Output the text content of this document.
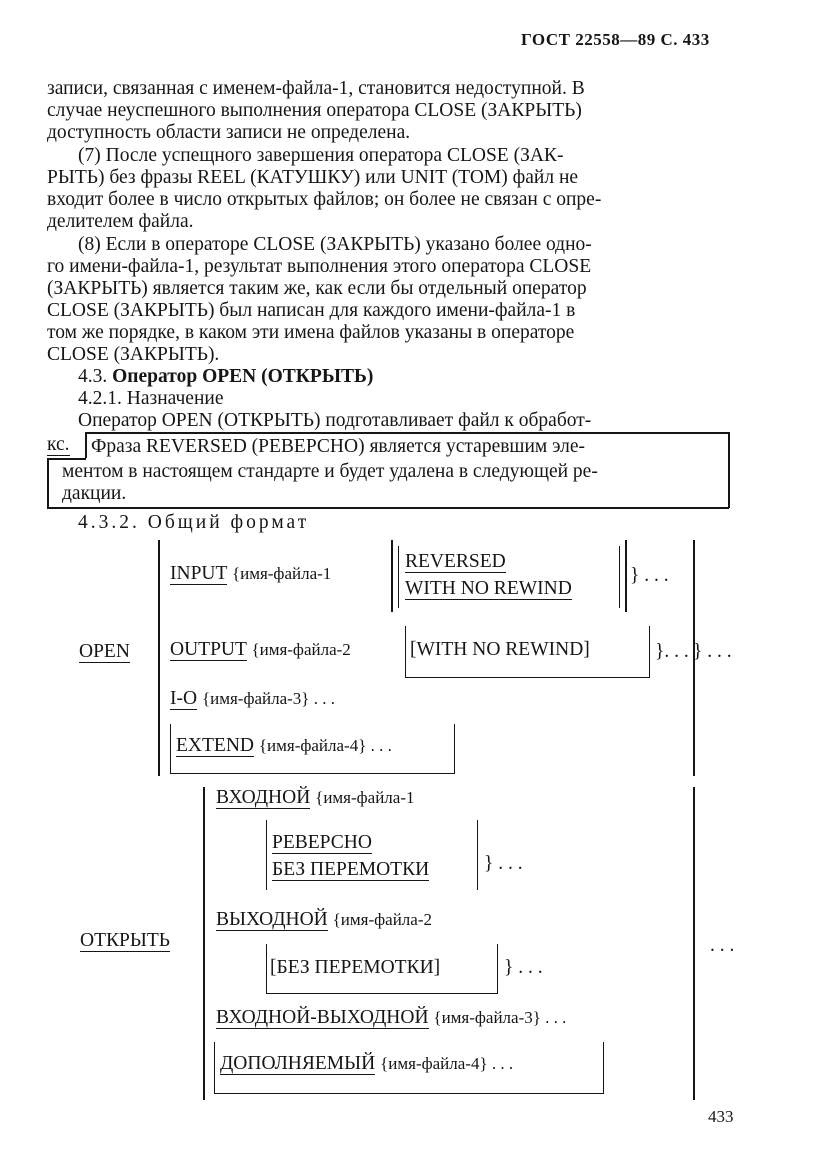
ГОСТ 22558—89 С. 433
записи, связанная с именем-файла-1, становится недоступной. В
случае неуспешного выполнения оператора CLOSE (ЗАКРЫТЬ)
доступность области записи не определена.
(7) После успещного завершения оператора CLOSE (ЗАК-
РЫТЬ) без фразы REEL (КАТУШКУ) или UNIT (ТОМ) файл не
входит более в число открытых файлов; он более не связан с опре-
делителем файла.
(8) Если в операторе CLOSE (ЗАКРЫТЬ) указано более одно-
го имени-файла-1, результат выполнения этого оператора CLOSE
(ЗАКРЫТЬ) является таким же, как если бы отдельный оператор
CLOSE (ЗАКРЫТЬ) был написан для каждого имени-файла-1 в
том же порядке, в каком эти имена файлов указаны в операторе
CLOSE (ЗАКРЫТЬ).
4.3. Оператор OPEN (ОТКРЫТЬ)
4.2.1. Назначение
Оператор OPEN (ОТКРЫТЬ) подготавливает файл к обработ-
кс. Фраза REVERSED (РЕВЕРСНО) является устаревшим эле-
ментом в настоящем стандарте и будет удалена в следующей ре-
дакции.
4.3.2. Общий формат
OPEN
INPUT {имя-файла-1
REVERSED
WITH NO REWIND
} . . .
OUTPUT {имя-файла-2	[WITH NO REWIND]	}. . . } . . .
I-O {имя-файла-3} . . .
EXTEND {имя-файла-4} . . .
ОТКРЫТЬ	. . .
ВХОДНОЙ {имя-файла-1
РЕВЕРСНО
БЕЗ ПЕРЕМОТКИ	} . . .
ВЫХОДНОЙ {имя-файла-2
[БЕЗ ПЕРЕМОТКИ]	} . . .
ВХОДНОЙ-ВЫХОДНОЙ {имя-файла-3} . . .
ДОПОЛНЯЕМЫЙ {имя-файла-4} . . .
433
